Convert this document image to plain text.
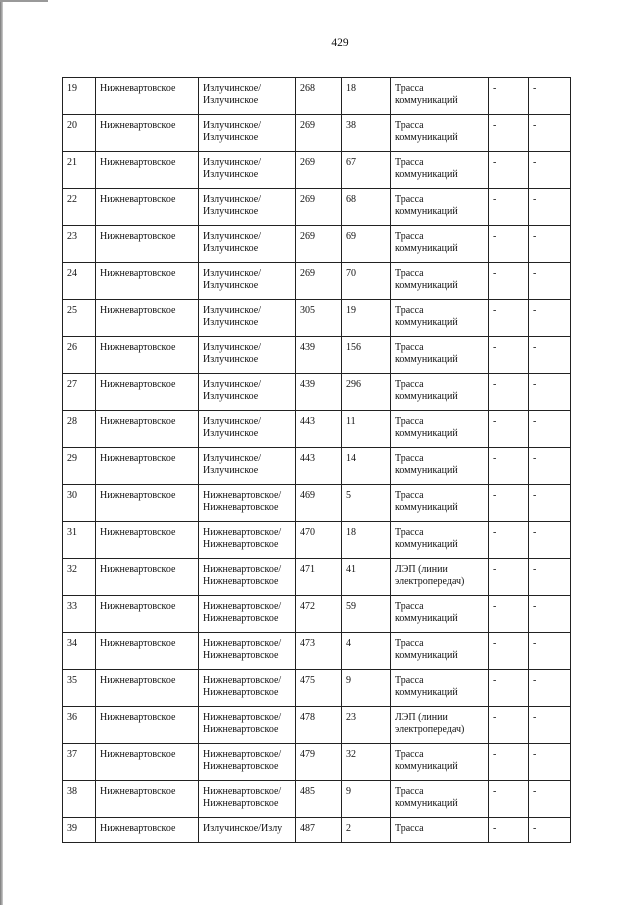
429
19	Нижневартовское	Излучинское/Излучинское	268	18	Трасса коммуникаций	-	-
20	Нижневартовское	Излучинское/Излучинское	269	38	Трасса коммуникаций	-	-
21	Нижневартовское	Излучинское/Излучинское	269	67	Трасса коммуникаций	-	-
22	Нижневартовское	Излучинское/Излучинское	269	68	Трасса коммуникаций	-	-
23	Нижневартовское	Излучинское/Излучинское	269	69	Трасса коммуникаций	-	-
24	Нижневартовское	Излучинское/Излучинское	269	70	Трасса коммуникаций	-	-
25	Нижневартовское	Излучинское/Излучинское	305	19	Трасса коммуникаций	-	-
26	Нижневартовское	Излучинское/Излучинское	439	156	Трасса коммуникаций	-	-
27	Нижневартовское	Излучинское/Излучинское	439	296	Трасса коммуникаций	-	-
28	Нижневартовское	Излучинское/Излучинское	443	11	Трасса коммуникаций	-	-
29	Нижневартовское	Излучинское/Излучинское	443	14	Трасса коммуникаций	-	-
30	Нижневартовское	Нижневартовское/ Нижневартовское	469	5	Трасса коммуникаций	-	-
31	Нижневартовское	Нижневартовское/ Нижневартовское	470	18	Трасса коммуникаций	-	-
32	Нижневартовское	Нижневартовское/ Нижневартовское	471	41	ЛЭП (линии электропередач)	-	-
33	Нижневартовское	Нижневартовское/ Нижневартовское	472	59	Трасса коммуникаций	-	-
34	Нижневартовское	Нижневартовское/ Нижневартовское	473	4	Трасса коммуникаций	-	-
35	Нижневартовское	Нижневартовское/ Нижневартовское	475	9	Трасса коммуникаций	-	-
36	Нижневартовское	Нижневартовское/ Нижневартовское	478	23	ЛЭП (линии электропередач)	-	-
37	Нижневартовское	Нижневартовское/ Нижневартовское	479	32	Трасса коммуникаций	-	-
38	Нижневартовское	Нижневартовское/ Нижневартовское	485	9	Трасса коммуникаций	-	-
39	Нижневартовское	Излучинское/Излу	487	2	Трасса	-	-
